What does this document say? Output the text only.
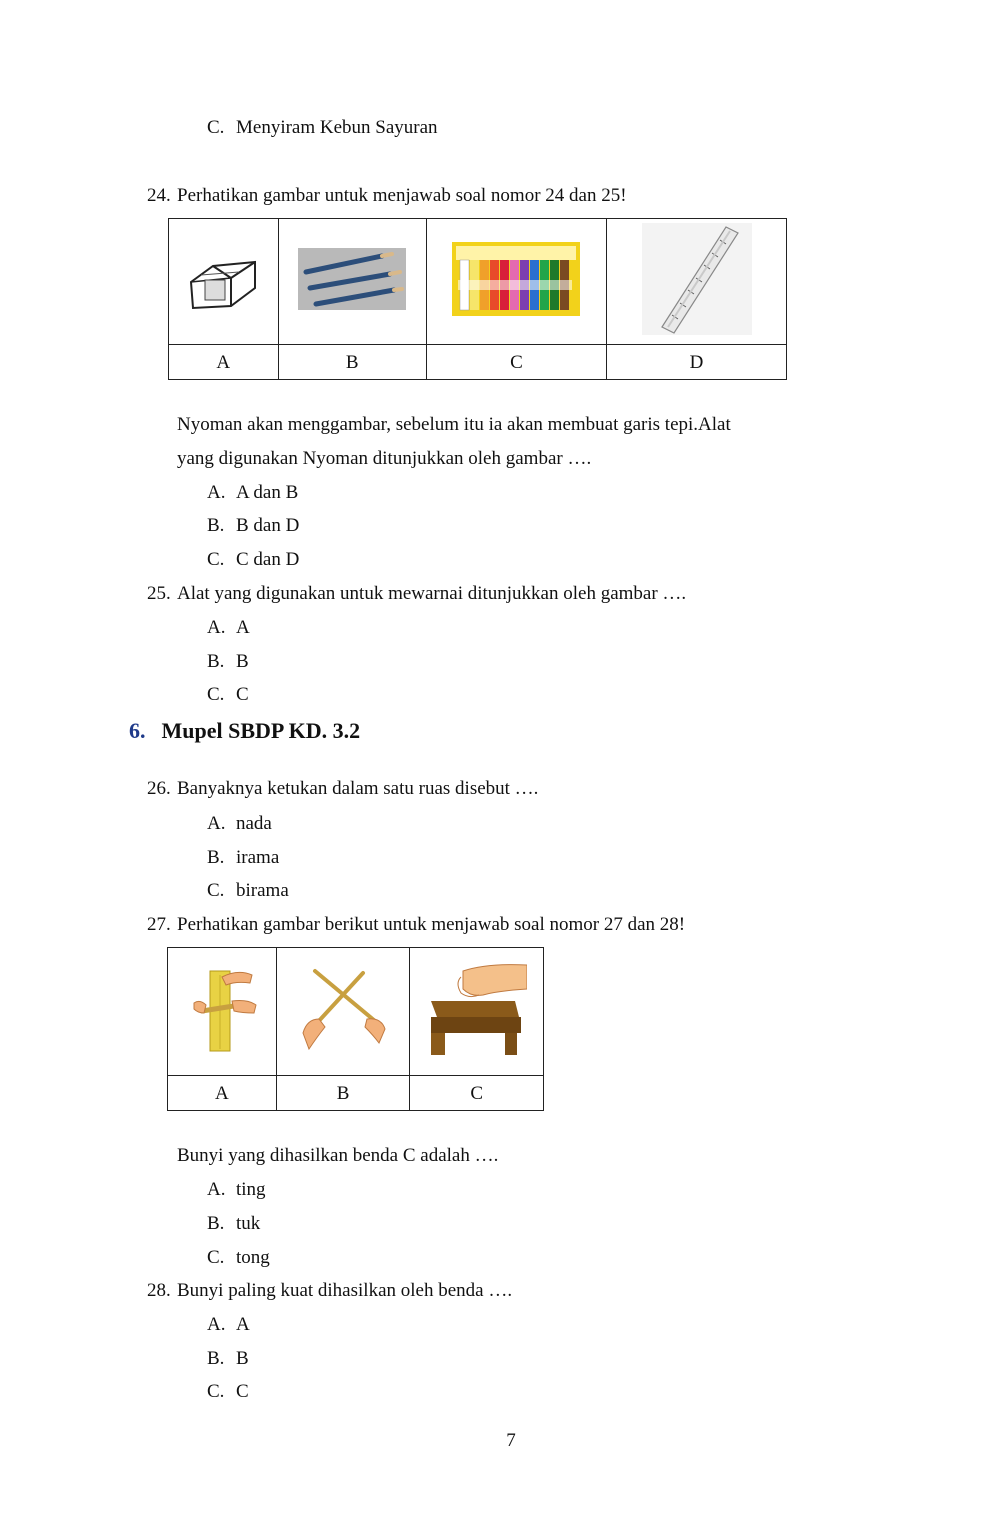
C. Menyiram Kebun Sayuran
24. Perhatikan gambar untuk menjawab soal nomor 24 dan 25!

A	B	C	D
Nyoman akan menggambar, sebelum itu ia akan membuat garis tepi.Alat
yang digunakan Nyoman ditunjukkan oleh gambar ….
A. A dan B
B. B dan D
C. C dan D
25. Alat yang digunakan untuk mewarnai ditunjukkan oleh gambar ….
A. A
B. B
C. C
6. Mupel SBDP KD. 3.2
26. Banyaknya ketukan dalam satu ruas disebut ….
A. nada
B. irama
C. birama
27. Perhatikan gambar berikut untuk menjawab soal nomor 27 dan 28!

A	B	C
Bunyi yang dihasilkan benda C adalah ….
A. ting
B. tuk
C. tong
28. Bunyi paling kuat dihasilkan oleh benda ….
A. A
B. B
C. C
7
